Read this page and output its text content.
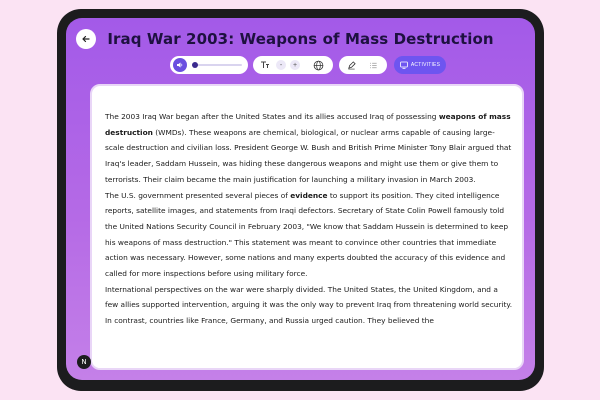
Iraq War 2003: Weapons of Mass Destruction
-	+	ACTIVITIES

The 2003 Iraq War began after the United States and its allies accused Iraq of possessing weapons of mass destruction (WMDs). These weapons are chemical, biological, or nuclear arms capable of causing large-scale destruction and civilian loss. President George W. Bush and British Prime Minister Tony Blair argued that Iraq's leader, Saddam Hussein, was hiding these dangerous weapons and might use them or give them to terrorists. Their claim became the main justification for launching a military invasion in March 2003.

The U.S. government presented several pieces of evidence to support its position. They cited intelligence reports, satellite images, and statements from Iraqi defectors. Secretary of State Colin Powell famously told the United Nations Security Council in February 2003, "We know that Saddam Hussein is determined to keep his weapons of mass destruction." This statement was meant to convince other countries that immediate action was necessary. However, some nations and many experts doubted the accuracy of this evidence and called for more inspections before using military force.

International perspectives on the war were sharply divided. The United States, the United Kingdom, and a few allies supported intervention, arguing it was the only way to prevent Iraq from threatening world security. In contrast, countries like France, Germany, and Russia urged caution. They believed the

N
